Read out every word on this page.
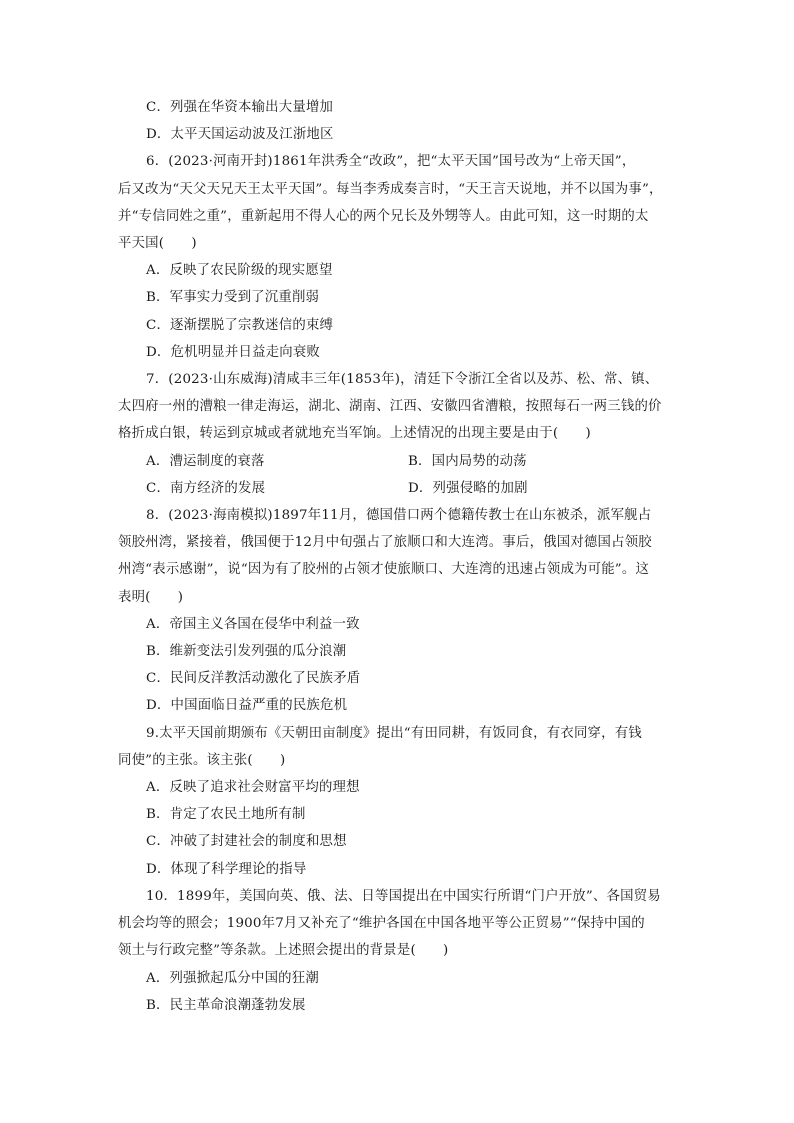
C．列强在华资本输出大量增加
D．太平天国运动波及江浙地区
6．(2023·河南开封)1861年洪秀全“改政”，把“太平天国”国号改为“上帝天国”，
后又改为“天父天兄天王太平天国”。每当李秀成奏言时，“天王言天说地，并不以国为事”，
并“专信同姓之重”，重新起用不得人心的两个兄长及外甥等人。由此可知，这一时期的太
平天国(　　)
A．反映了农民阶级的现实愿望
B．军事实力受到了沉重削弱
C．逐渐摆脱了宗教迷信的束缚
D．危机明显并日益走向衰败
7．(2023·山东威海)清咸丰三年(1853年)，清廷下令浙江全省以及苏、松、常、镇、
太四府一州的漕粮一律走海运，湖北、湖南、江西、安徽四省漕粮，按照每石一两三钱的价
格折成白银，转运到京城或者就地充当军饷。上述情况的出现主要是由于(　　)
A．漕运制度的衰落	B．国内局势的动荡
C．南方经济的发展	D．列强侵略的加剧
8．(2023·海南模拟)1897年11月，德国借口两个德籍传教士在山东被杀，派军舰占
领胶州湾，紧接着，俄国便于12月中旬强占了旅顺口和大连湾。事后，俄国对德国占领胶
州湾“表示感谢”，说“因为有了胶州的占领才使旅顺口、大连湾的迅速占领成为可能”。这
表明(　　)
A．帝国主义各国在侵华中利益一致
B．维新变法引发列强的瓜分浪潮
C．民间反洋教活动激化了民族矛盾
D．中国面临日益严重的民族危机
9.太平天国前期颁布《天朝田亩制度》提出“有田同耕，有饭同食，有衣同穿，有钱
同使”的主张。该主张(　　)
A．反映了追求社会财富平均的理想
B．肯定了农民土地所有制
C．冲破了封建社会的制度和思想
D．体现了科学理论的指导
10．1899年，美国向英、俄、法、日等国提出在中国实行所谓“门户开放”、各国贸易
机会均等的照会；1900年7月又补充了“维护各国在中国各地平等公正贸易”“保持中国的
领土与行政完整”等条款。上述照会提出的背景是(　　)
A．列强掀起瓜分中国的狂潮
B．民主革命浪潮蓬勃发展
